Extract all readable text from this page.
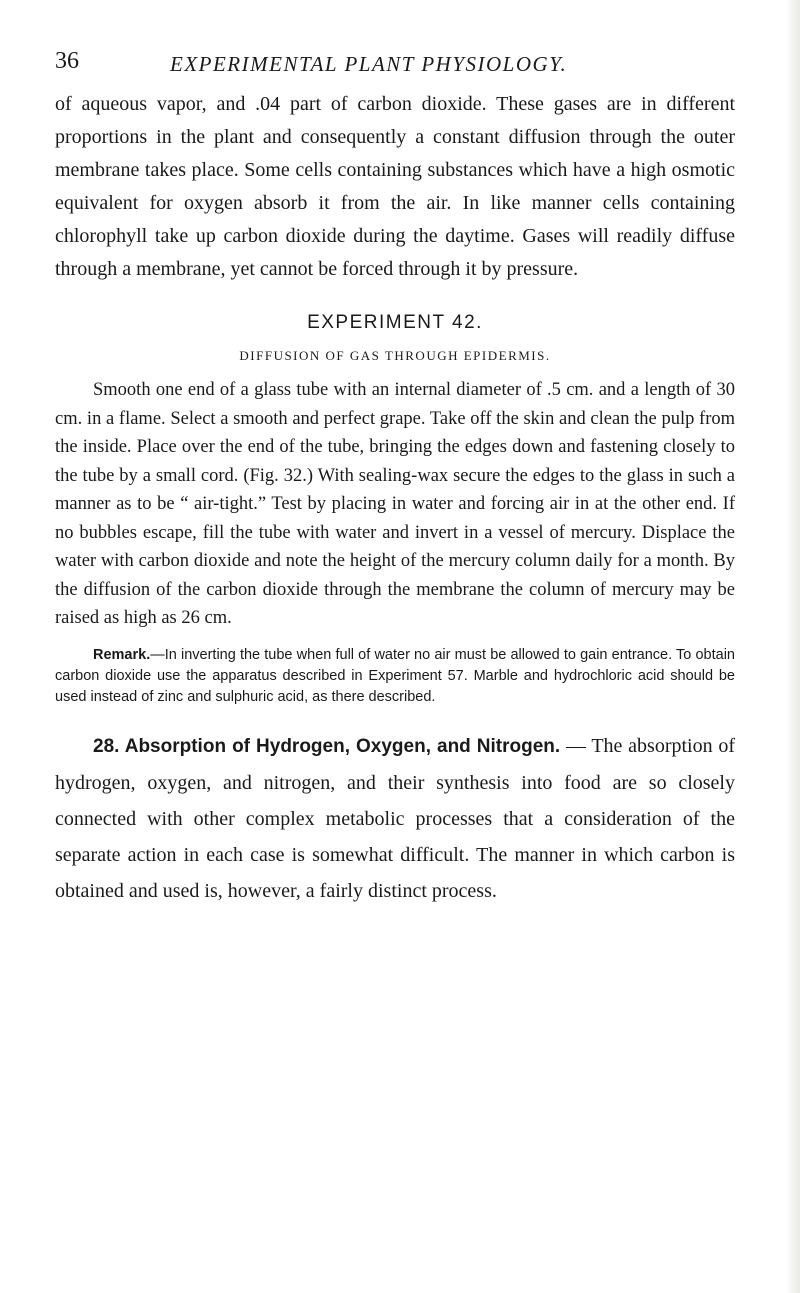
36	EXPERIMENTAL PLANT PHYSIOLOGY.

of aqueous vapor, and .04 part of carbon dioxide. These gases are in different proportions in the plant and consequently a constant diffusion through the outer membrane takes place. Some cells containing substances which have a high osmotic equivalent for oxygen absorb it from the air. In like manner cells containing chlorophyll take up carbon dioxide during the daytime. Gases will readily diffuse through a membrane, yet cannot be forced through it by pressure.

EXPERIMENT 42.
DIFFUSION OF GAS THROUGH EPIDERMIS.

Smooth one end of a glass tube with an internal diameter of .5 cm. and a length of 30 cm. in a flame. Select a smooth and perfect grape. Take off the skin and clean the pulp from the inside. Place over the end of the tube, bringing the edges down and fastening closely to the tube by a small cord. (Fig. 32.) With sealing-wax secure the edges to the glass in such a manner as to be “ air-tight.” Test by placing in water and forcing air in at the other end. If no bubbles escape, fill the tube with water and invert in a vessel of mercury. Displace the water with carbon dioxide and note the height of the mercury column daily for a month. By the diffusion of the carbon dioxide through the membrane the column of mercury may be raised as high as 26 cm.

Remark.—In inverting the tube when full of water no air must be allowed to gain entrance. To obtain carbon dioxide use the apparatus described in Experiment 57. Marble and hydrochloric acid should be used instead of zinc and sulphuric acid, as there described.

28. Absorption of Hydrogen, Oxygen, and Nitrogen. — The absorption of hydrogen, oxygen, and nitrogen, and their synthesis into food are so closely connected with other complex metabolic processes that a consideration of the separate action in each case is somewhat difficult. The manner in which carbon is obtained and used is, however, a fairly distinct process.
